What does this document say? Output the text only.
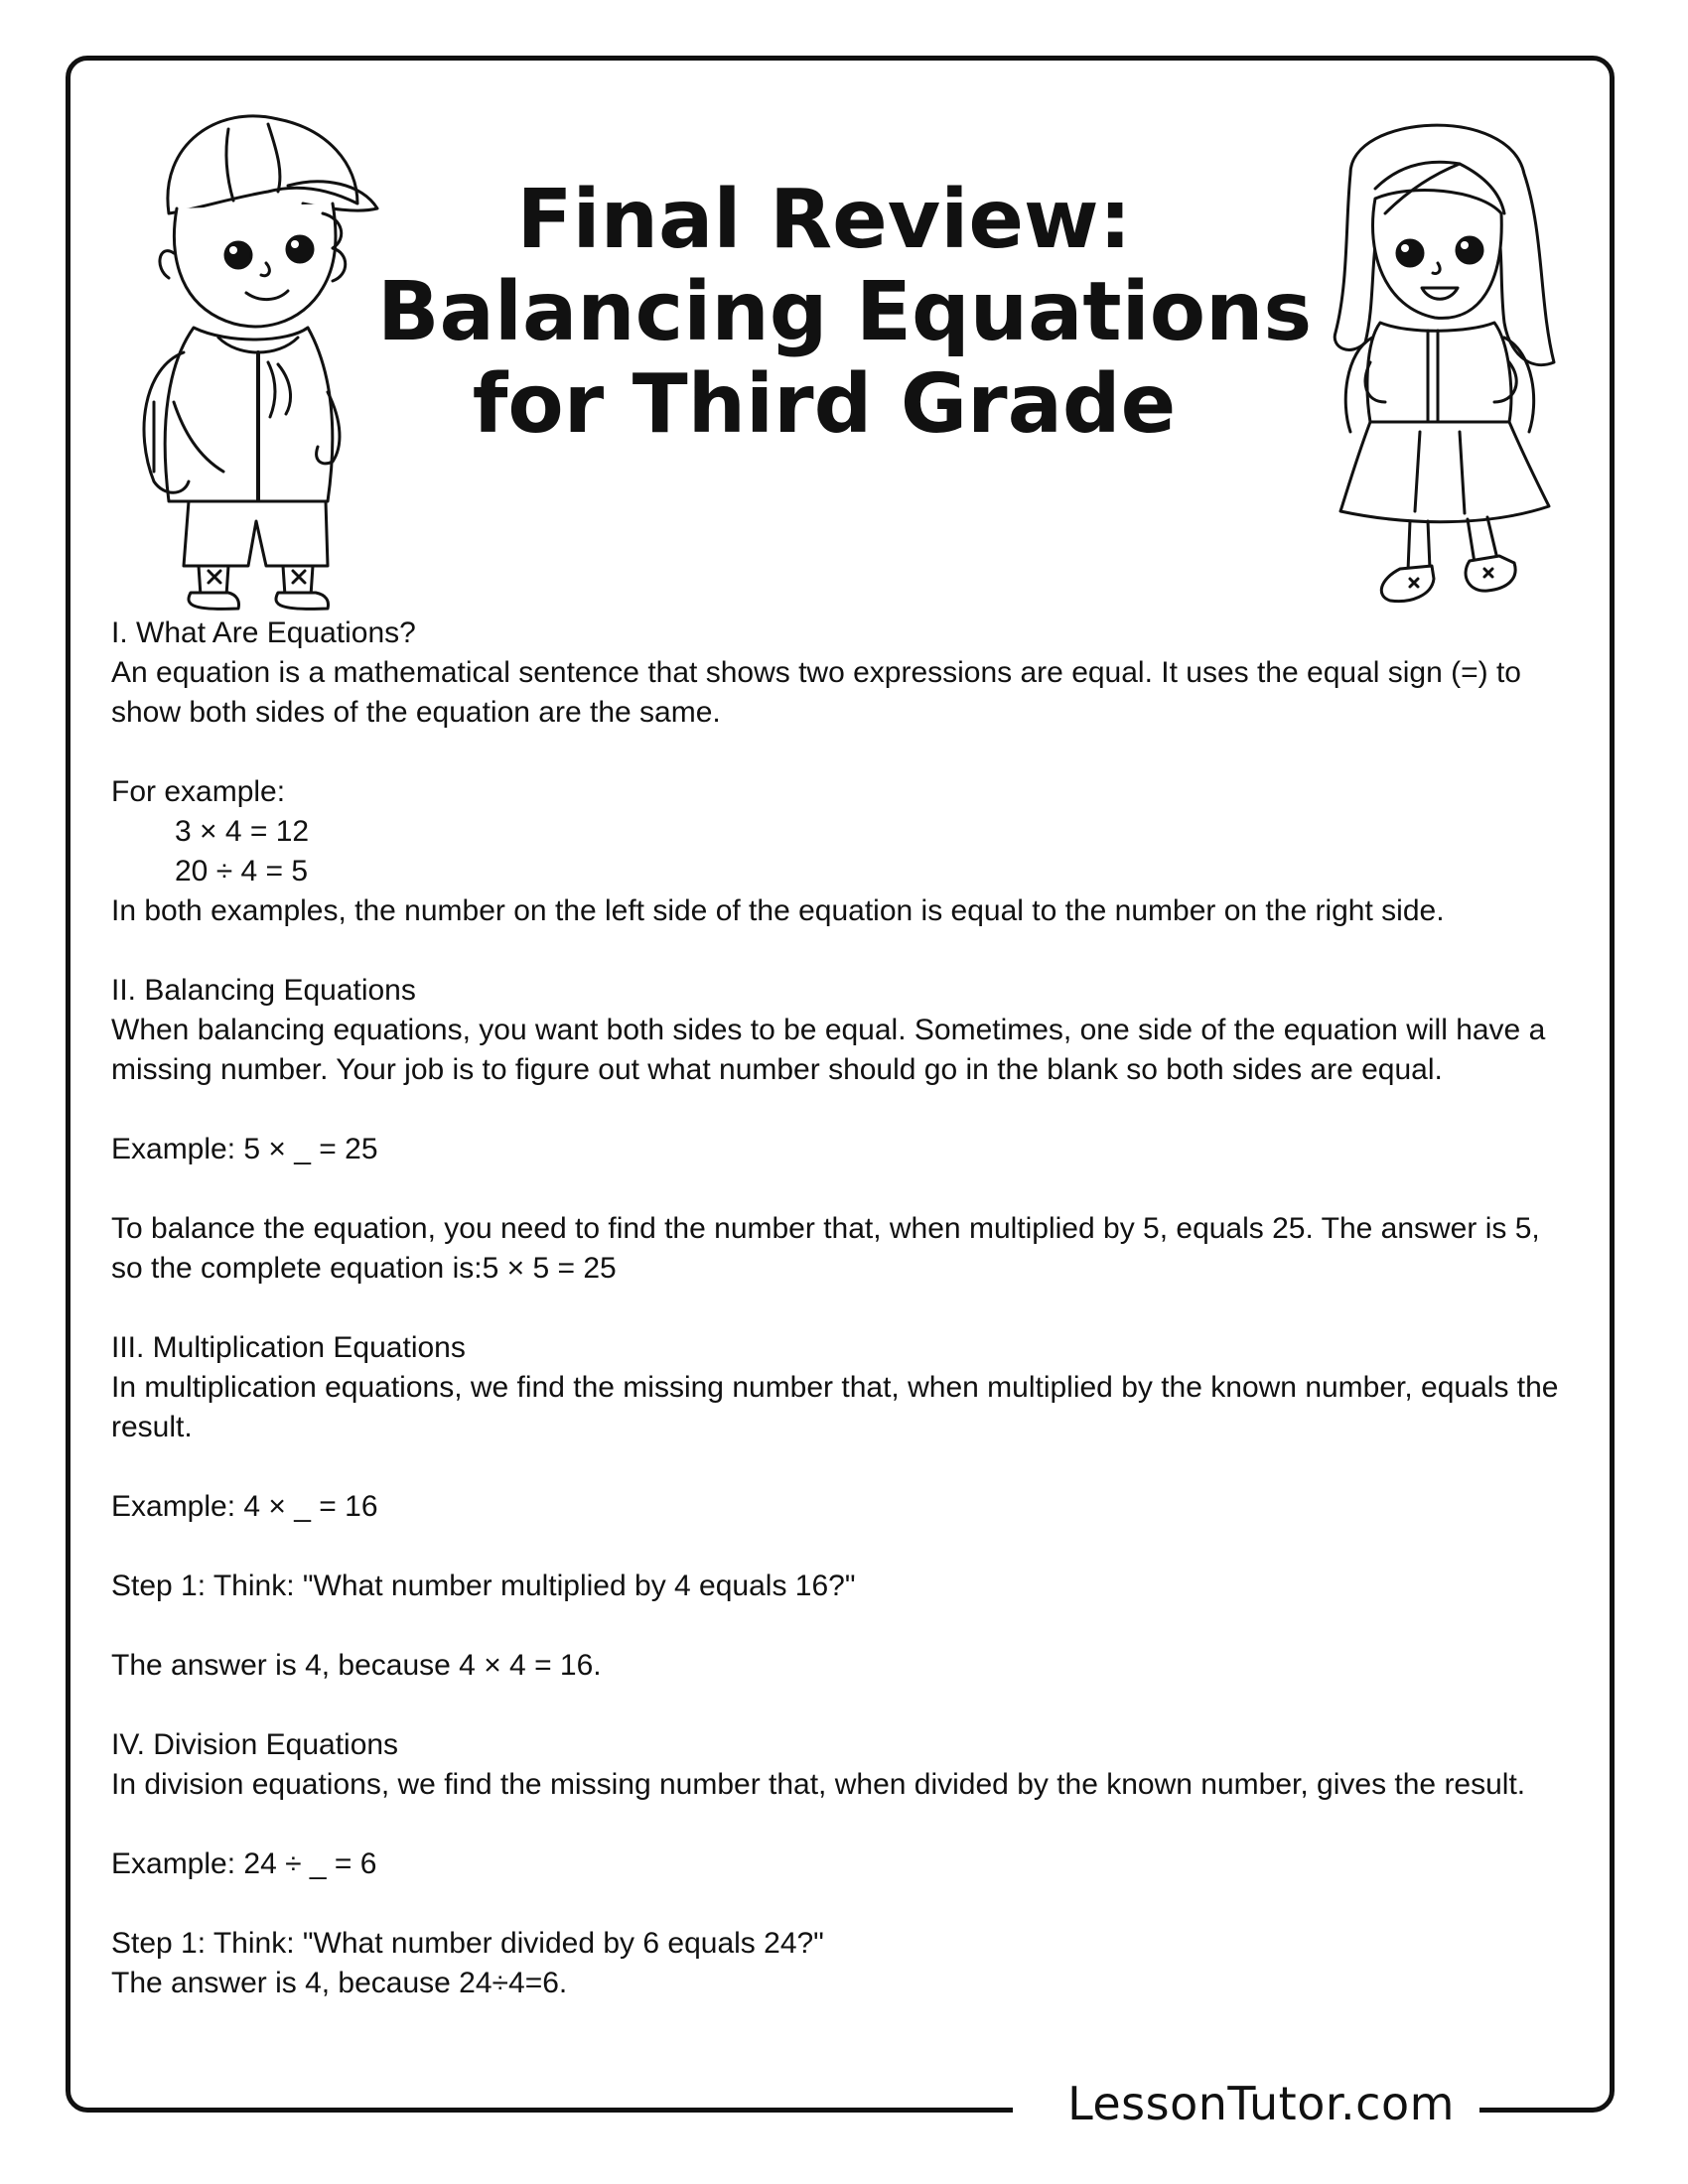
LessonTutor.com
Final Review:
Balancing Equations
for Third Grade

I. What Are Equations?

An equation is a mathematical sentence that shows two expressions are equal. It uses the equal sign (=) to show both sides of the equation are the same.

For example:

3 × 4 = 12

20 ÷ 4 = 5

In both examples, the number on the left side of the equation is equal to the number on the right side.

II. Balancing Equations

When balancing equations, you want both sides to be equal. Sometimes, one side of the equation will have a missing number. Your job is to figure out what number should go in the blank so both sides are equal.

Example: 5 × _ = 25

To balance the equation, you need to find the number that, when multiplied by 5, equals 25. The answer is 5, so the complete equation is:5 × 5 = 25

III. Multiplication Equations

In multiplication equations, we find the missing number that, when multiplied by the known number, equals the result.

Example: 4 × _ = 16

Step 1: Think: "What number multiplied by 4 equals 16?"

The answer is 4, because 4 × 4 = 16.

IV. Division Equations

In division equations, we find the missing number that, when divided by the known number, gives the result.

Example: 24 ÷ _ = 6

Step 1: Think: "What number divided by 6 equals 24?"

The answer is 4, because 24÷4=6.
